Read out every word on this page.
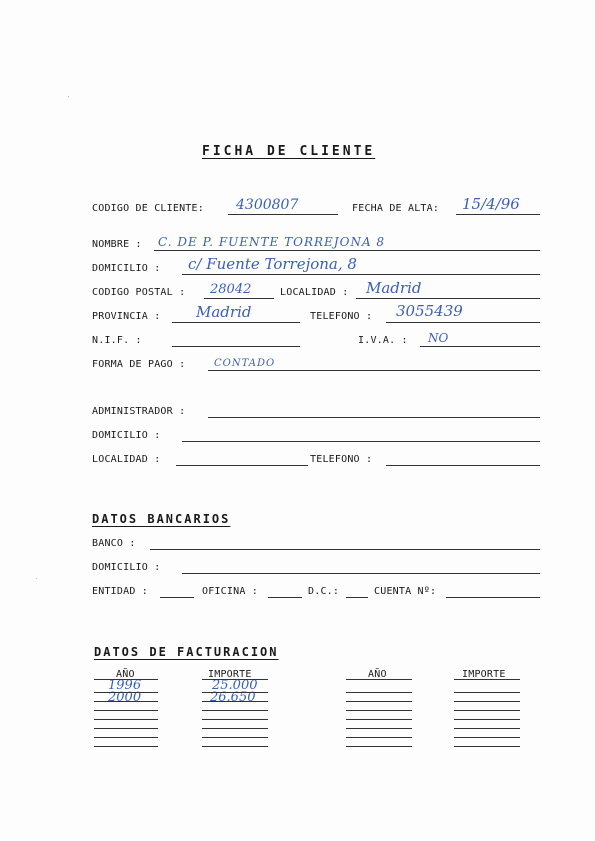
FICHA DE CLIENTE
CODIGO DE CLIENTE: 4300807	FECHA DE ALTA: 15/4/96
NOMBRE : C. DE P. FUENTE TORREJONA 8
DOMICILIO : c/ Fuente Torrejona, 8
CODIGO POSTAL : 28042	LOCALIDAD : Madrid
PROVINCIA : Madrid	TELEFONO : 3055439
N.I.F. :	I.V.A. : NO
FORMA DE PAGO :	CONTADO
ADMINISTRADOR :
DOMICILIO :
LOCALIDAD :	TELEFONO :
DATOS BANCARIOS
BANCO :
DOMICILIO :
ENTIDAD :	OFICINA :	D.C.:	CUENTA Nº:
DATOS DE FACTURACION
AÑO	IMPORTE	AÑO	IMPORTE
1996	25.000
2000	26.650
